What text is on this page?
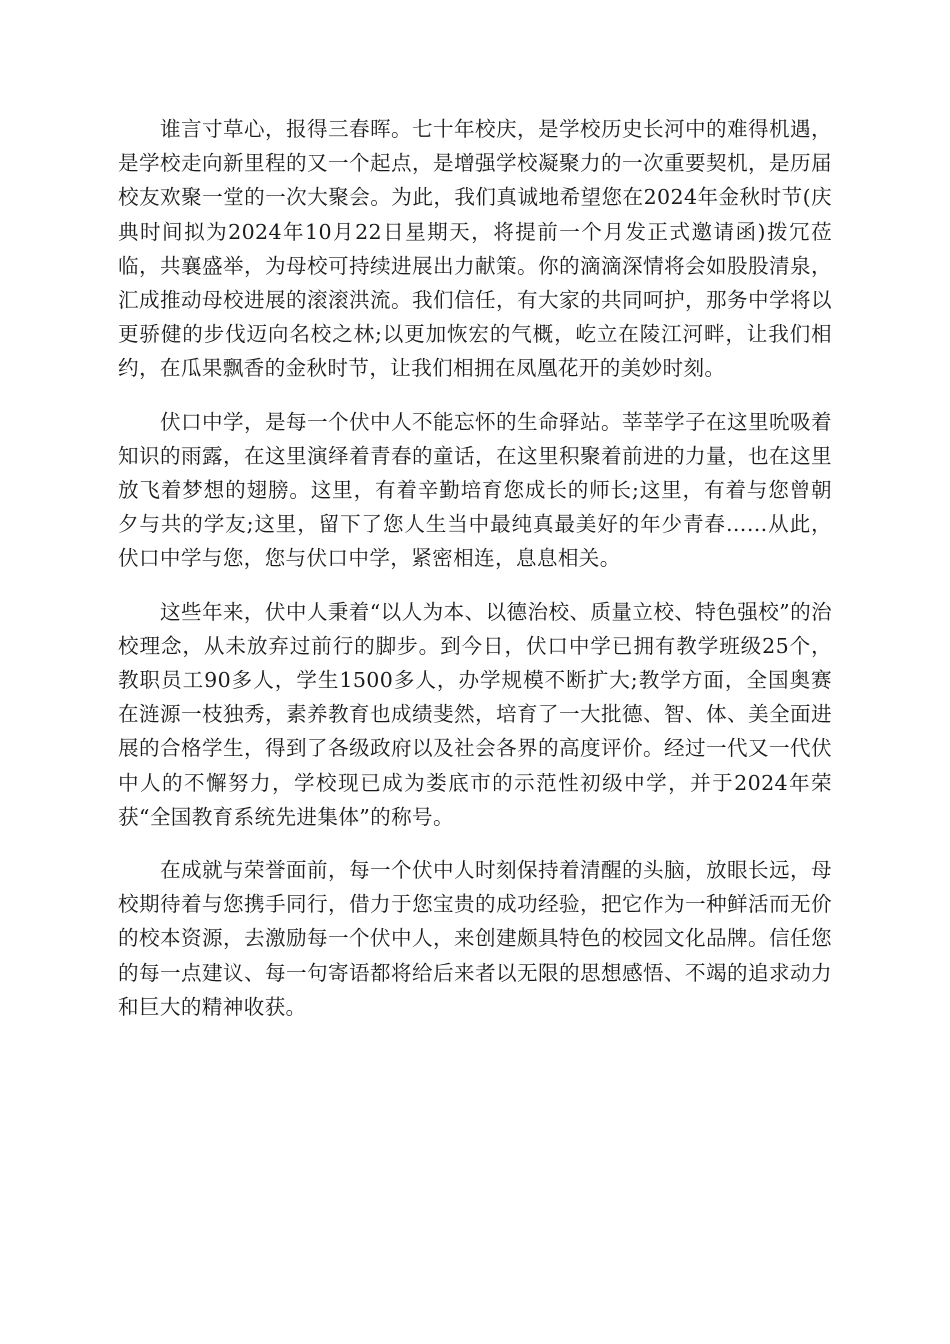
谁言寸草心，报得三春晖。七十年校庆，是学校历史长河中的难得机遇，是学校走向新里程的又一个起点，是增强学校凝聚力的一次重要契机，是历届校友欢聚一堂的一次大聚会。为此，我们真诚地希望您在2024年金秋时节(庆典时间拟为2024年10月22日星期天，将提前一个月发正式邀请函)拨冗莅临，共襄盛举，为母校可持续进展出力献策。你的滴滴深情将会如股股清泉，汇成推动母校进展的滚滚洪流。我们信任，有大家的共同呵护，那务中学将以更骄健的步伐迈向名校之林;以更加恢宏的气概，屹立在陵江河畔，让我们相约，在瓜果飘香的金秋时节，让我们相拥在凤凰花开的美妙时刻。

伏口中学，是每一个伏中人不能忘怀的生命驿站。莘莘学子在这里吮吸着知识的雨露，在这里演绎着青春的童话，在这里积聚着前进的力量，也在这里放飞着梦想的翅膀。这里，有着辛勤培育您成长的师长;这里，有着与您曾朝夕与共的学友;这里，留下了您人生当中最纯真最美好的年少青春……从此，伏口中学与您，您与伏口中学，紧密相连，息息相关。

这些年来，伏中人秉着“以人为本、以德治校、质量立校、特色强校”的治校理念，从未放弃过前行的脚步。到今日，伏口中学已拥有教学班级25个，教职员工90多人，学生1500多人，办学规模不断扩大;教学方面，全国奥赛在涟源一枝独秀，素养教育也成绩斐然，培育了一大批德、智、体、美全面进展的合格学生，得到了各级政府以及社会各界的高度评价。经过一代又一代伏中人的不懈努力，学校现已成为娄底市的示范性初级中学，并于2024年荣获“全国教育系统先进集体”的称号。

在成就与荣誉面前，每一个伏中人时刻保持着清醒的头脑，放眼长远，母校期待着与您携手同行，借力于您宝贵的成功经验，把它作为一种鲜活而无价的校本资源，去激励每一个伏中人，来创建颇具特色的校园文化品牌。信任您的每一点建议、每一句寄语都将给后来者以无限的思想感悟、不竭的追求动力和巨大的精神收获。
